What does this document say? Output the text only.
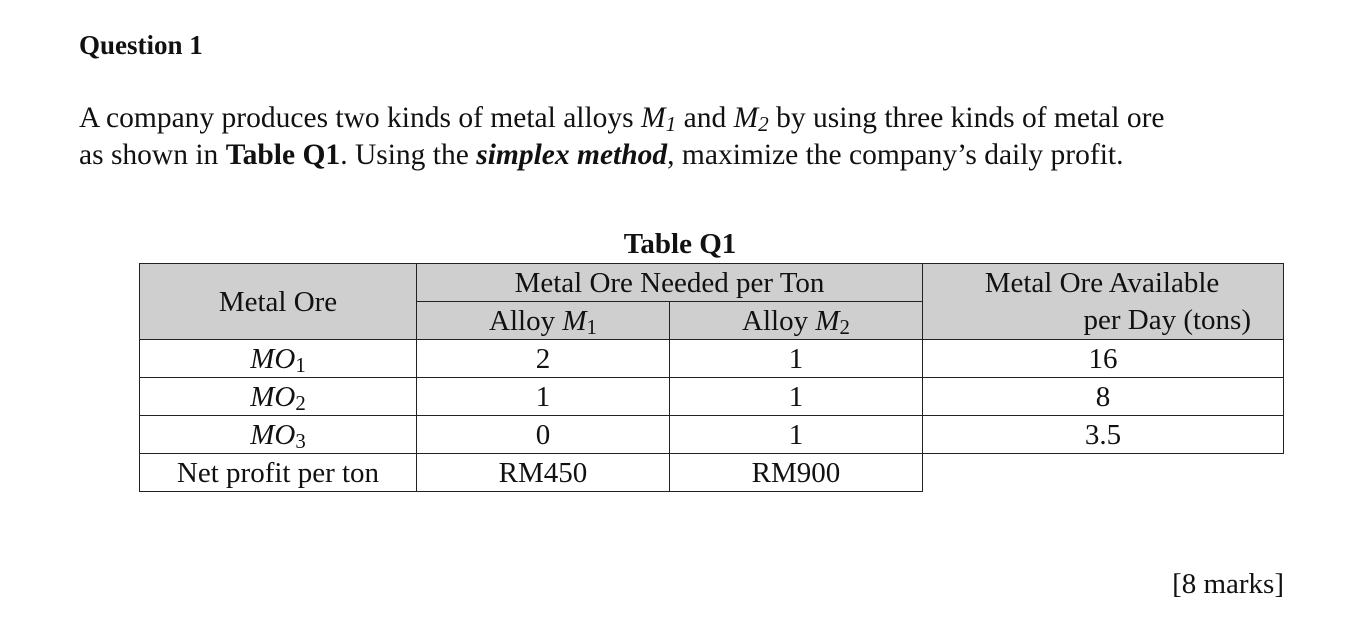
Question 1
A company produces two kinds of metal alloys $M_1$ and $M_2$ by using three kinds of metal ore
as shown in Table Q1. Using the simplex method, maximize the company’s daily profit.
Table Q1
Metal Ore	Metal Ore Needed per Ton		Metal Ore Available
per Day (tons)

	Alloy $M_1$	Alloy $M_2$
$MO_1$	2	1	16
$MO_2$	1	1	8
$MO_3$	0	1	3.5
Net profit per ton	RM450	RM900	
[8 marks]
